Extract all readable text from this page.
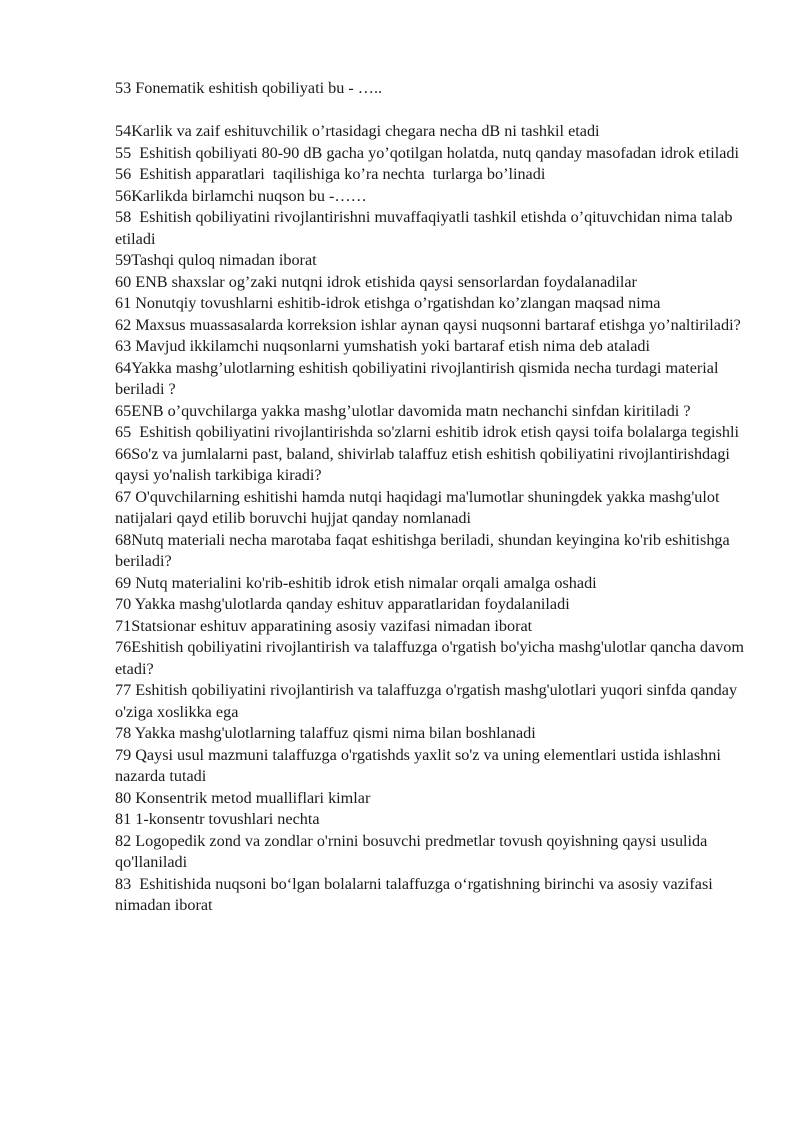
53 Fonematik eshitish qobiliyati bu - …..

54Karlik va zaif eshituvchilik o’rtasidagi chegara necha dB ni tashkil etadi

55  Eshitish qobiliyati 80-90 dB gacha yo’qotilgan holatda, nutq qanday masofadan idrok etiladi

56  Eshitish apparatlari  taqilishiga ko’ra nechta  turlarga bo’linadi

56Karlikda birlamchi nuqson bu -……

58  Eshitish qobiliyatini rivojlantirishni muvaffaqiyatli tashkil etishda o’qituvchidan nima talab etiladi

59Tashqi quloq nimadan iborat

60 ENB shaxslar og’zaki nutqni idrok etishida qaysi sensorlardan foydalanadilar

61 Nonutqiy tovushlarni eshitib-idrok etishga o’rgatishdan ko’zlangan maqsad nima

62 Maxsus muassasalarda korreksion ishlar aynan qaysi nuqsonni bartaraf etishga yo’naltiriladi?

63 Mavjud ikkilamchi nuqsonlarni yumshatish yoki bartaraf etish nima deb ataladi

64Yakka mashg’ulotlarning eshitish qobiliyatini rivojlantirish qismida necha turdagi material beriladi ?

65ENB o’quvchilarga yakka mashg’ulotlar davomida matn nechanchi sinfdan kiritiladi ?

65  Eshitish qobiliyatini rivojlantirishda so'zlarni eshitib idrok etish qaysi toifa bolalarga tegishli

66So'z va jumlalarni past, baland, shivirlab talaffuz etish eshitish qobiliyatini rivojlantirishdagi qaysi yo'nalish tarkibiga kiradi?

67 O'quvchilarning eshitishi hamda nutqi haqidagi ma'lumotlar shuningdek yakka mashg'ulot natijalari qayd etilib boruvchi hujjat qanday nomlanadi

68Nutq materiali necha marotaba faqat eshitishga beriladi, shundan keyingina ko'rib eshitishga beriladi?

69 Nutq materialini ko'rib-eshitib idrok etish nimalar orqali amalga oshadi

70 Yakka mashg'ulotlarda qanday eshituv apparatlaridan foydalaniladi

71Statsionar eshituv apparatining asosiy vazifasi nimadan iborat

76Eshitish qobiliyatini rivojlantirish va talaffuzga o'rgatish bo'yicha mashg'ulotlar qancha davom etadi?

77 Eshitish qobiliyatini rivojlantirish va talaffuzga o'rgatish mashg'ulotlari yuqori sinfda qanday o'ziga xoslikka ega

78 Yakka mashg'ulotlarning talaffuz qismi nima bilan boshlanadi

79 Qaysi usul mazmuni talaffuzga o'rgatishds yaxlit so'z va uning elementlari ustida ishlashni nazarda tutadi

80 Konsentrik metod mualliflari kimlar

81 1-konsentr tovushlari nechta

82 Logopedik zond va zondlar o'rnini bosuvchi predmetlar tovush qoyishning qaysi usulida qo'llaniladi

83  Eshitishida nuqsoni bo‘lgan bolalarni talaffuzga o‘rgatishning birinchi va asosiy vazifasi nimadan iborat
